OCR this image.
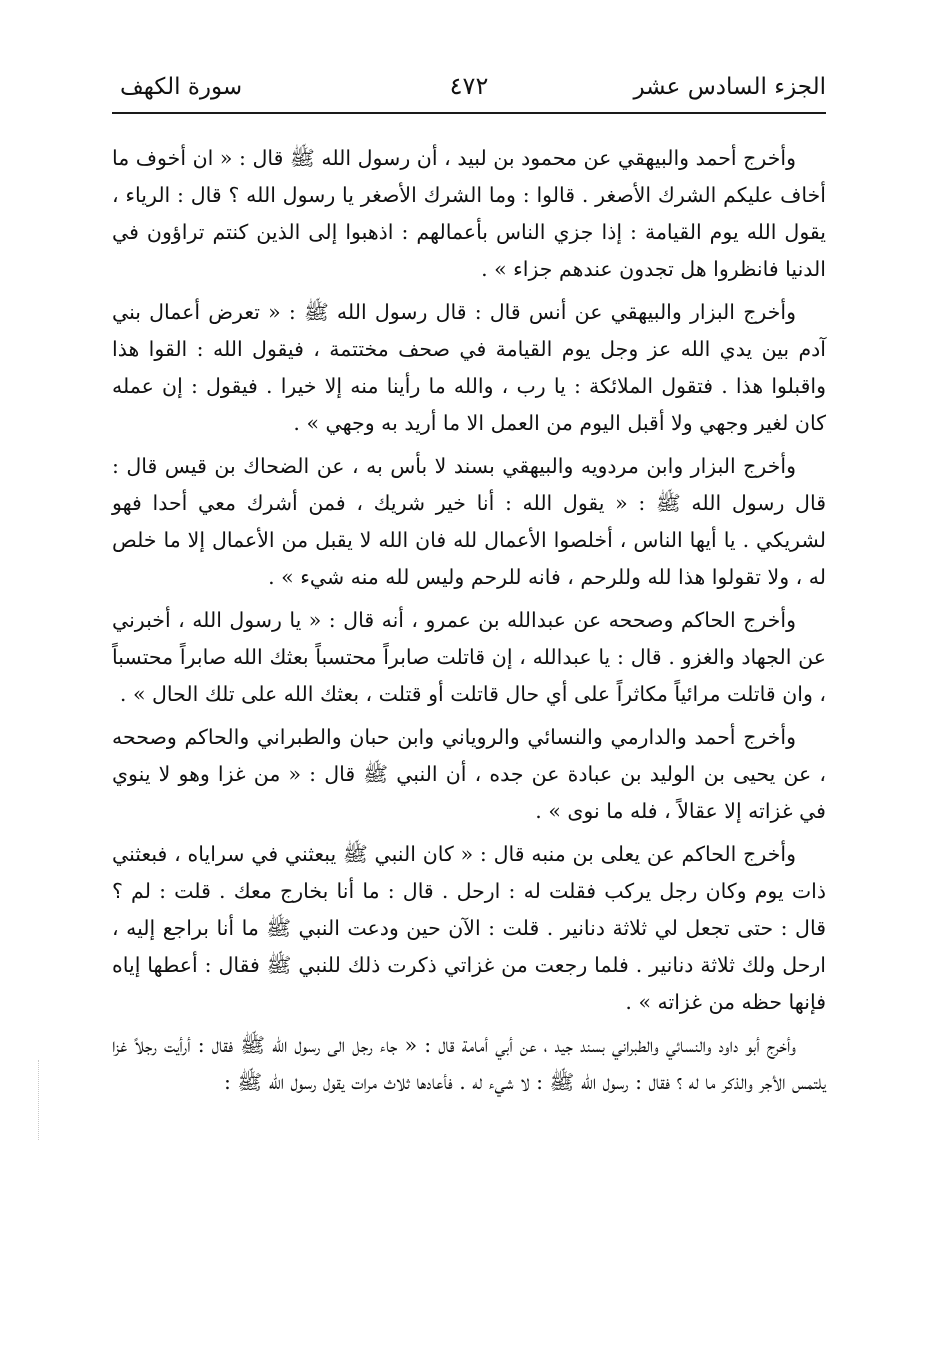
الجزء السادس عشر
٤٧٢
سورة الكهف

وأخرج أحمد والبيهقي عن محمود بن لبيد ، أن رسول الله ﷺ قال : « ان أخوف ما أخاف عليكم الشرك الأصغر . قالوا : وما الشرك الأصغر يا رسول الله ؟ قال : الرياء ، يقول الله يوم القيامة : إذا جزي الناس بأعمالهم : اذهبوا إلى الذين كنتم تراؤون في الدنيا فانظروا هل تجدون عندهم جزاء » .

وأخرج البزار والبيهقي عن أنس قال : قال رسول الله ﷺ : « تعرض أعمال بني آدم بين يدي الله عز وجل يوم القيامة في صحف مختتمة ، فيقول الله : القوا هذا واقبلوا هذا . فتقول الملائكة : يا رب ، والله ما رأينا منه إلا خيرا . فيقول : إن عمله كان لغير وجهي ولا أقبل اليوم من العمل الا ما أريد به وجهي » .

وأخرج البزار وابن مردويه والبيهقي بسند لا بأس به ، عن الضحاك بن قيس قال : قال رسول الله ﷺ : « يقول الله : أنا خير شريك ، فمن أشرك معي أحدا فهو لشريكي . يا أيها الناس ، أخلصوا الأعمال لله فان الله لا يقبل من الأعمال إلا ما خلص له ، ولا تقولوا هذا لله وللرحم ، فانه للرحم وليس لله منه شيء » .

وأخرج الحاكم وصححه عن عبدالله بن عمرو ، أنه قال : « يا رسول الله ، أخبرني عن الجهاد والغزو . قال : يا عبدالله ، إن قاتلت صابراً محتسباً بعثك الله صابراً محتسباً ، وان قاتلت مرائياً مكاثراً على أي حال قاتلت أو قتلت ، بعثك الله على تلك الحال » .

وأخرج أحمد والدارمي والنسائي والروياني وابن حبان والطبراني والحاكم وصححه ، عن يحيى بن الوليد بن عبادة عن جده ، أن النبي ﷺ قال : « من غزا وهو لا ينوي في غزاته إلا عقالاً ، فله ما نوى » .

وأخرج الحاكم عن يعلى بن منبه قال : « كان النبي ﷺ يبعثني في سراياه ، فبعثني ذات يوم وكان رجل يركب فقلت له : ارحل . قال : ما أنا بخارج معك . قلت : لم ؟ قال : حتى تجعل لي ثلاثة دنانير . قلت : الآن حين ودعت النبي ﷺ ما أنا براجع إليه ، ارحل ولك ثلاثة دنانير . فلما رجعت من غزاتي ذكرت ذلك للنبي ﷺ فقال : أعطها إياه فإنها حظه من غزاته » .

وأخرج أبو داود والنسائي والطبراني بسند جيد ، عن أبي أمامة قال : « جاء رجل الى رسول الله ﷺ فقال : أرأيت رجلاً غزا يلتمس الأجر والذكر ما له ؟ فقال : رسول الله ﷺ : لا شيء له . فأعادها ثلاث مرات يقول رسول الله ﷺ :
